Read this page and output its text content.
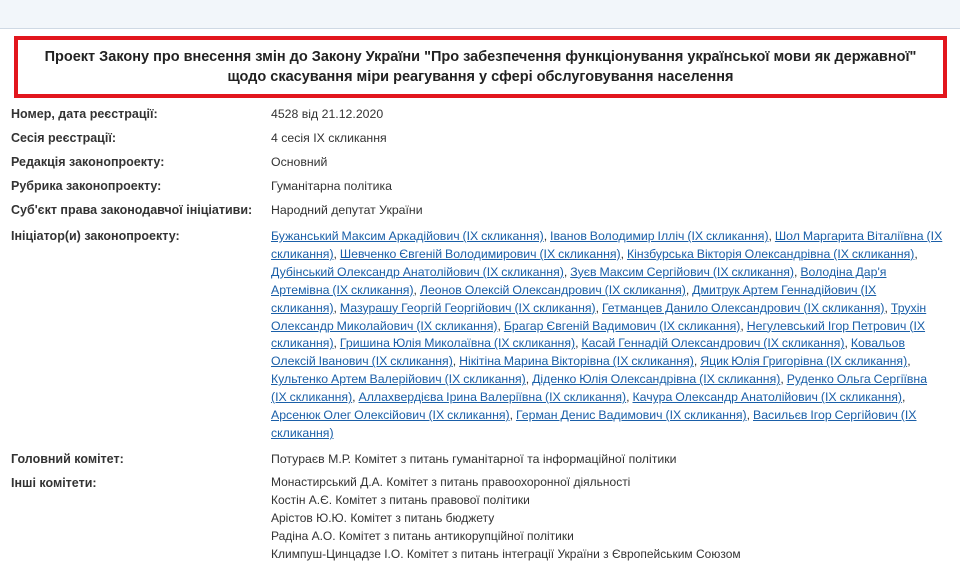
Проект Закону про внесення змін до Закону України "Про забезпечення функціонування української мови як державної" щодо скасування міри реагування у сфері обслуговування населення
Номер, дата реєстрації:	4528 від 21.12.2020
Сесія реєстрації:	4 сесія IX скликання
Редакція законопроекту:	Основний
Рубрика законопроекту:	Гуманітарна політика
Суб'єкт права законодавчої ініціативи:	Народний депутат України
Ініціатор(и) законопроекту:	Бужанський Максим Аркадійович (IX скликання), Іванов Володимир Ілліч (IX скликання), Шол Маргарита Віталіївна (IX скликання), Шевченко Євгеній Володимирович (IX скликання), Кінзбурська Вікторія Олександрівна (IX скликання), Дубінський Олександр Анатолійович (IX скликання), Зуєв Максим Сергійович (IX скликання), Володіна Дар'я Артемівна (IX скликання), Леонов Олексій Олександрович (IX скликання), Дмитрук Артем Геннадійович (IX скликання), Мазурашу Георгій Георгійович (IX скликання), Гетманцев Данило Олександрович (IX скликання), Трухін Олександр Миколайович (IX скликання), Брагар Євгеній Вадимович (IX скликання), Негулевський Ігор Петрович (IX скликання), Гришина Юлія Миколаївна (IX скликання), Касай Геннадій Олександрович (IX скликання), Ковальов Олексій Іванович (IX скликання), Нікітіна Марина Вікторівна (IX скликання), Яцик Юлія Григорівна (IX скликання), Культенко Артем Валерійович (IX скликання), Діденко Юлія Олександрівна (IX скликання), Руденко Ольга Сергіївна (IX скликання), Аллахвердієва Ірина Валеріївна (IX скликання), Качура Олександр Анатолійович (IX скликання), Арсенюк Олег Олексійович (IX скликання), Герман Денис Вадимович (IX скликання), Васильєв Ігор Сергійович (IX скликання)
Головний комітет:	Потураєв М.Р. Комітет з питань гуманітарної та інформаційної політики
Інші комітети:	Монастирський Д.А. Комітет з питань правоохоронної діяльності
Костін А.Є. Комітет з питань правової політики
Арістов Ю.Ю. Комітет з питань бюджету
Радіна А.О. Комітет з питань антикорупційної політики
Климпуш-Цинцадзе І.О. Комітет з питань інтеграції України з Європейським Союзом
